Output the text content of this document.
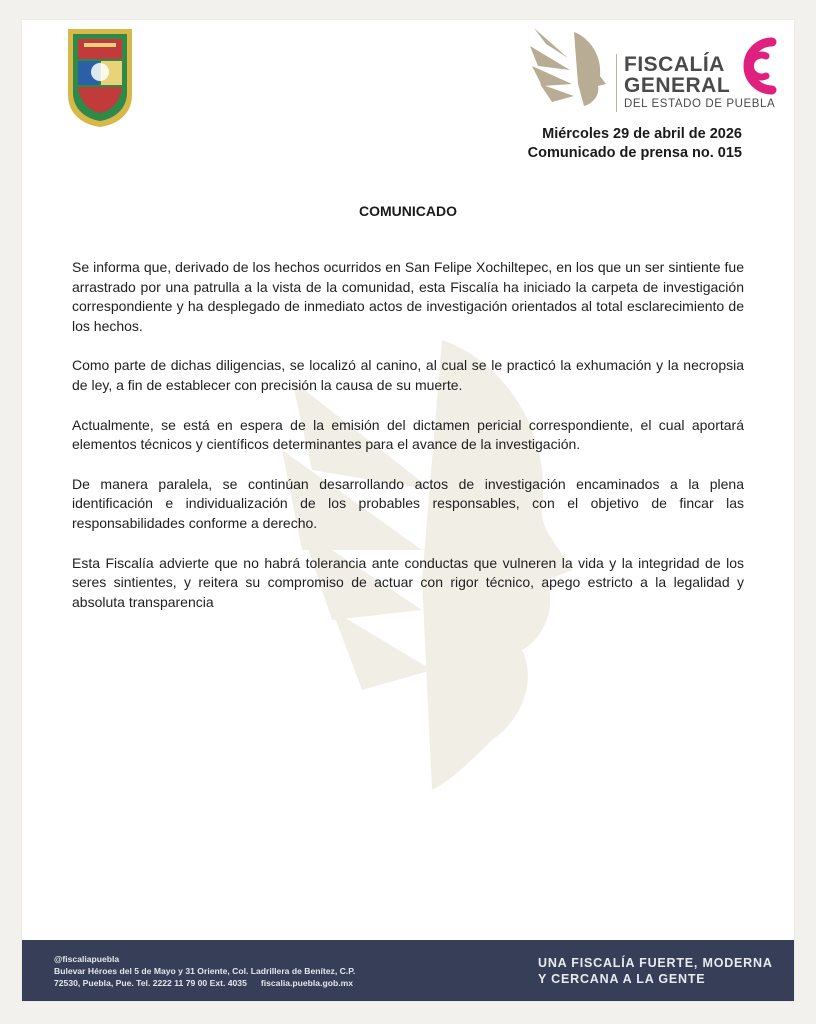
FISCALÍA
GENERAL
DEL ESTADO DE PUEBLA
Miércoles 29 de abril de 2026
Comunicado de prensa no. 015
COMUNICADO

Se informa que, derivado de los hechos ocurridos en San Felipe Xochiltepec, en los que un ser sintiente fue arrastrado por una patrulla a la vista de la comunidad, esta Fiscalía ha iniciado la carpeta de investigación correspondiente y ha desplegado de inmediato actos de investigación orientados al total esclarecimiento de los hechos.

Como parte de dichas diligencias, se localizó al canino, al cual se le practicó la exhumación y la necropsia de ley, a fin de establecer con precisión la causa de su muerte.

Actualmente, se está en espera de la emisión del dictamen pericial correspondiente, el cual aportará elementos técnicos y científicos determinantes para el avance de la investigación.

De manera paralela, se continúan desarrollando actos de investigación encaminados a la plena identificación e individualización de los probables responsables, con el objetivo de fincar las responsabilidades conforme a derecho.

Esta Fiscalía advierte que no habrá tolerancia ante conductas que vulneren la vida y la integridad de los seres sintientes, y reitera su compromiso de actuar con rigor técnico, apego estricto a la legalidad y absoluta transparencia

@fiscaliapuebla
Bulevar Héroes del 5 de Mayo y 31 Oriente, Col. Ladrillera de Benítez, C.P.
72530, Puebla, Pue. Tel. 2222 11 79 00 Ext. 4035 fiscalia.puebla.gob.mx
UNA FISCALÍA FUERTE, MODERNA
Y CERCANA A LA GENTE
